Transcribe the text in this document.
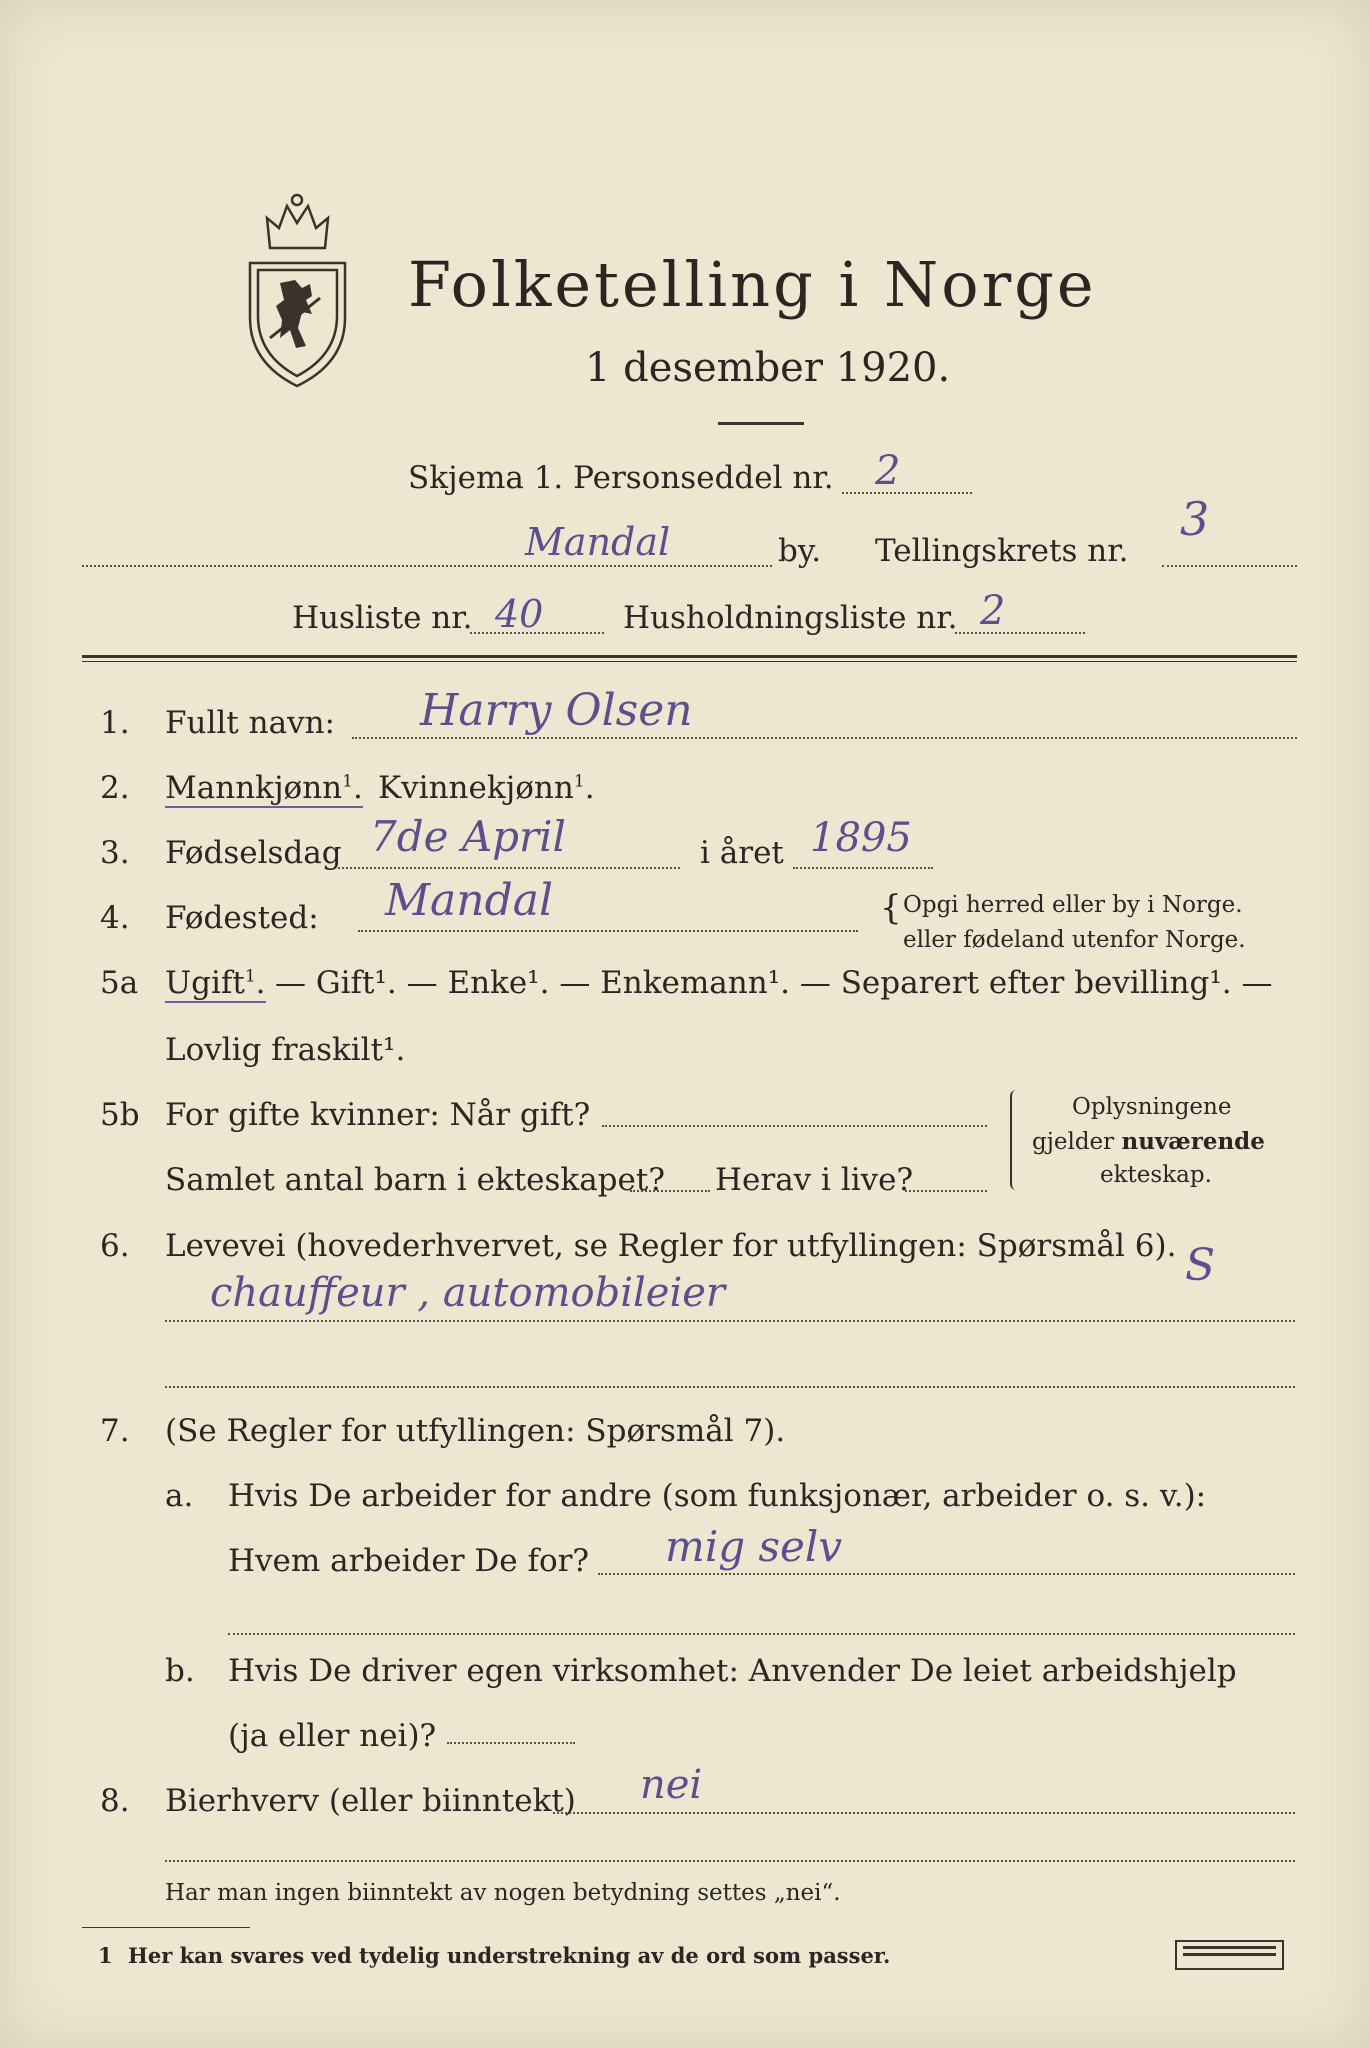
Folketelling i Norge
1 desember 1920.
Skjema 1. Personseddel nr. 2
Mandal	by. Tellingskrets nr.
3
Husliste nr. 40	Husholdningsliste nr. 2
1. Fullt navn: Harry Olsen
2. Mannkjønn$^1$. Kvinnekjønn$^1$.
3. Fødselsdag 7de April	i året 1895
4. Fødested: Mandal	{ Opgi herred eller by i Norge.
eller fødeland utenfor Norge.
5a Ugift$^1$. — Gift¹. — Enke¹. — Enkemann¹. — Separert efter bevilling¹. —
Lovlig fraskilt¹.
5b For gifte kvinner: Når gift?
Samlet antal barn i ekteskapet? Herav i live?
Oplysningene
gjelder nuværende
ekteskap.
6. Levevei (hovederhvervet, se Regler for utfyllingen: Spørsmål 6).
chauffeur , automobileier
S
7. (Se Regler for utfyllingen: Spørsmål 7).
a. Hvis De arbeider for andre (som funksjonær, arbeider o. s. v.):
Hvem arbeider De for? mig selv
b. Hvis De driver egen virksomhet: Anvender De leiet arbeidshjelp
(ja eller nei)?
8. Bierhverv (eller biinntekt) nei
Har man ingen biinntekt av nogen betydning settes „nei“.
1 Her kan svares ved tydelig understrekning av de ord som passer.
